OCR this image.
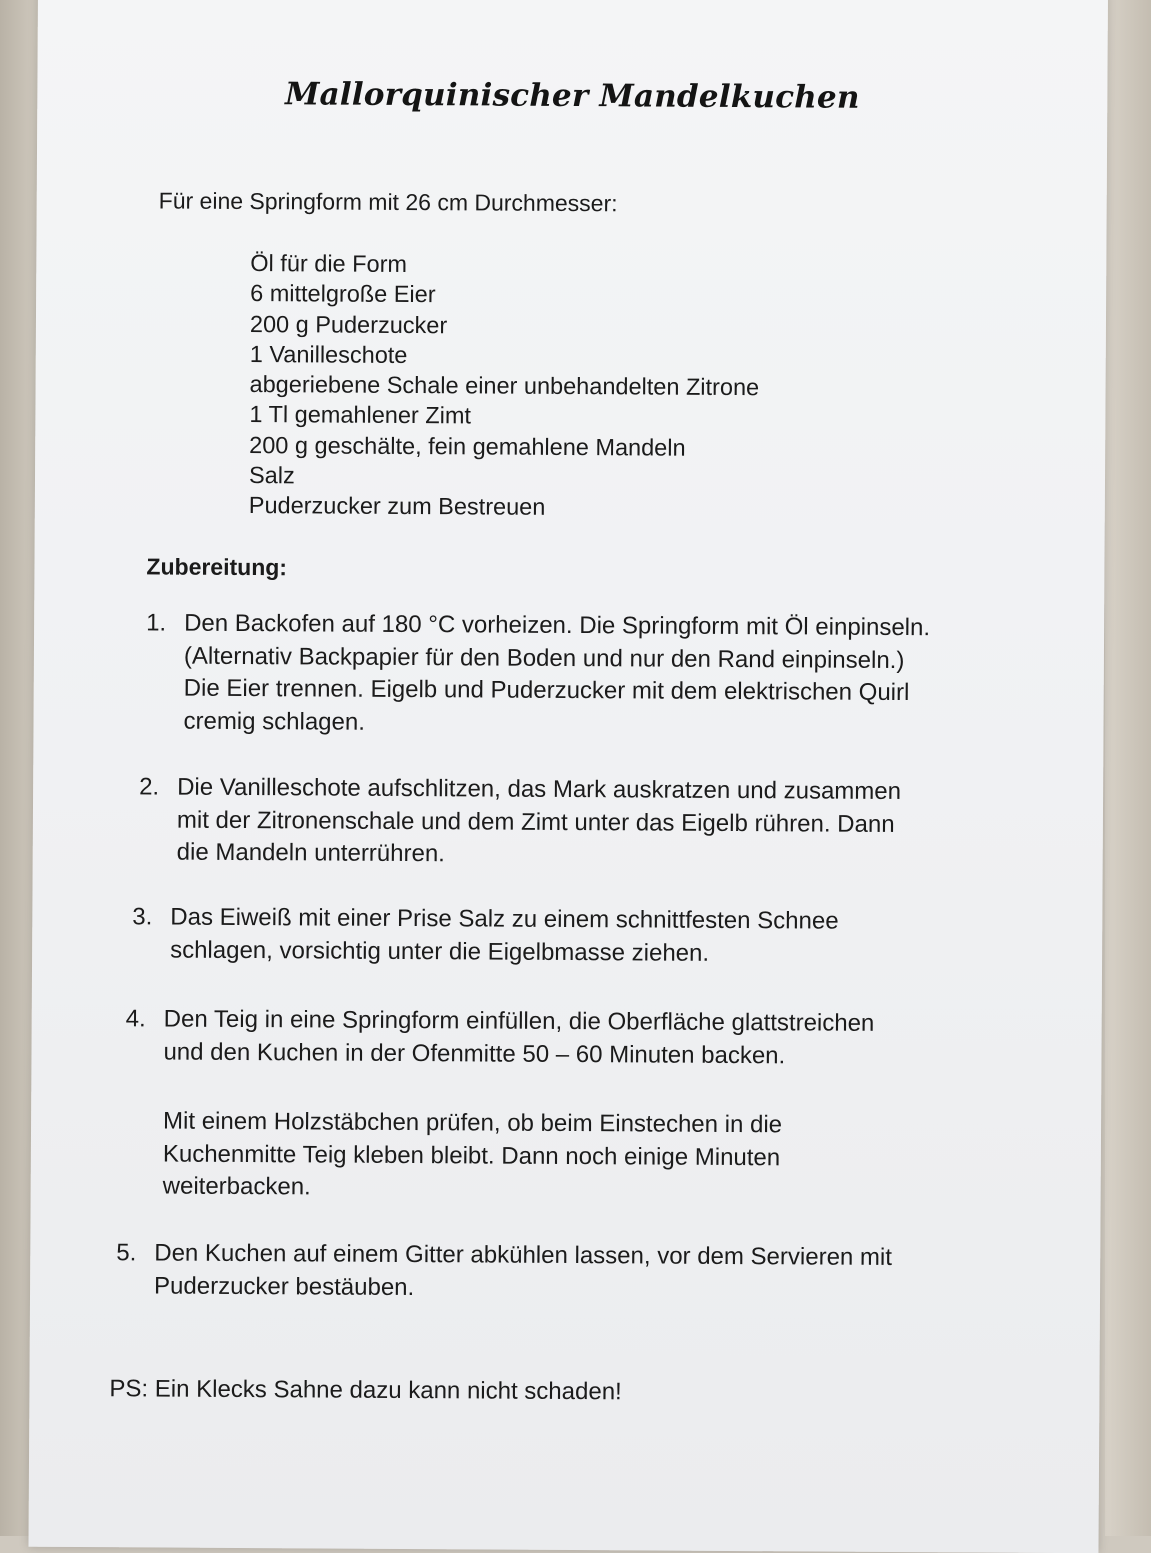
Mallorquinischer Mandelkuchen
Für eine Springform mit 26 cm Durchmesser:
Öl für die Form
6 mittelgroße Eier
200 g Puderzucker
1 Vanilleschote
abgeriebene Schale einer unbehandelten Zitrone
1 Tl gemahlener Zimt
200 g geschälte, fein gemahlene Mandeln
Salz
Puderzucker zum Bestreuen
Zubereitung:
1. Den Backofen auf 180 °C vorheizen. Die Springform mit Öl einpinseln.
(Alternativ Backpapier für den Boden und nur den Rand einpinseln.)
Die Eier trennen. Eigelb und Puderzucker mit dem elektrischen Quirl
cremig schlagen.
2. Die Vanilleschote aufschlitzen, das Mark auskratzen und zusammen
mit der Zitronenschale und dem Zimt unter das Eigelb rühren. Dann
die Mandeln unterrühren.
3. Das Eiweiß mit einer Prise Salz zu einem schnittfesten Schnee
schlagen, vorsichtig unter die Eigelbmasse ziehen.
4. Den Teig in eine Springform einfüllen, die Oberfläche glattstreichen
und den Kuchen in der Ofenmitte 50 – 60 Minuten backen.
Mit einem Holzstäbchen prüfen, ob beim Einstechen in die
Kuchenmitte Teig kleben bleibt. Dann noch einige Minuten
weiterbacken.
5. Den Kuchen auf einem Gitter abkühlen lassen, vor dem Servieren mit
Puderzucker bestäuben.
PS: Ein Klecks Sahne dazu kann nicht schaden!
